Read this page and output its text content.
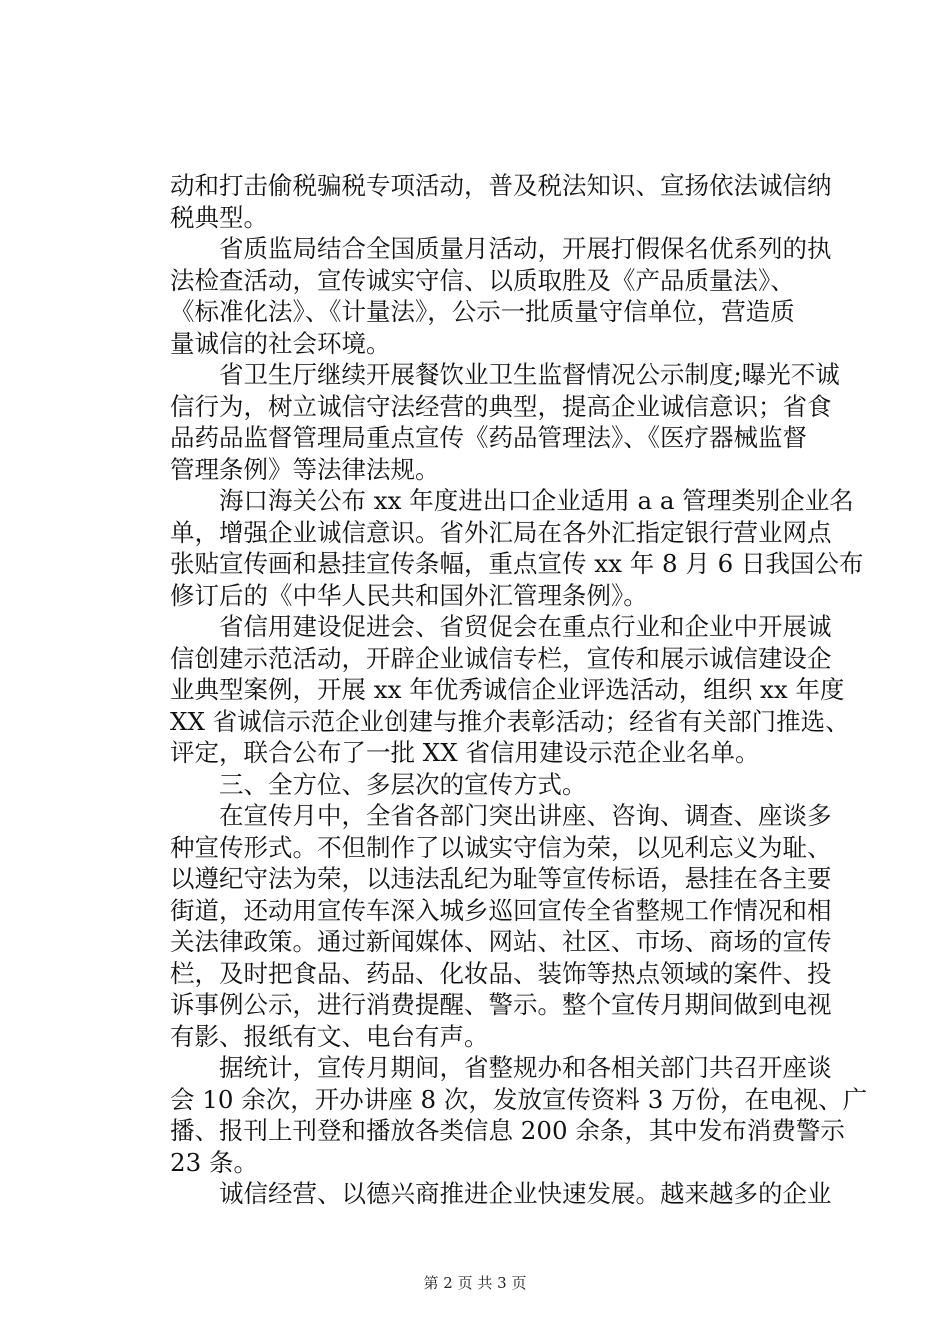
动和打击偷税骗税专项活动，普及税法知识、宣扬依法诚信纳
税典型。
　　省质监局结合全国质量月活动，开展打假保名优系列的执
法检查活动，宣传诚实守信、以质取胜及《产品质量法》、
《标准化法》、《计量法》，公示一批质量守信单位，营造质
量诚信的社会环境。
　　省卫生厅继续开展餐饮业卫生监督情况公示制度;曝光不诚
信行为，树立诚信守法经营的典型，提高企业诚信意识；省食
品药品监督管理局重点宣传《药品管理法》、《医疗器械监督
管理条例》等法律法规。
　　海口海关公布 xx 年度进出口企业适用 a a 管理类别企业名
单，增强企业诚信意识。省外汇局在各外汇指定银行营业网点
张贴宣传画和悬挂宣传条幅，重点宣传 xx 年 8 月 6 日我国公布
修订后的《中华人民共和国外汇管理条例》。
　　省信用建设促进会、省贸促会在重点行业和企业中开展诚
信创建示范活动，开辟企业诚信专栏，宣传和展示诚信建设企
业典型案例，开展 xx 年优秀诚信企业评选活动，组织 xx 年度
XX 省诚信示范企业创建与推介表彰活动；经省有关部门推选、
评定，联合公布了一批 XX 省信用建设示范企业名单。
　　三、全方位、多层次的宣传方式。
　　在宣传月中，全省各部门突出讲座、咨询、调查、座谈多
种宣传形式。不但制作了以诚实守信为荣，以见利忘义为耻、
以遵纪守法为荣，以违法乱纪为耻等宣传标语，悬挂在各主要
街道，还动用宣传车深入城乡巡回宣传全省整规工作情况和相
关法律政策。通过新闻媒体、网站、社区、市场、商场的宣传
栏，及时把食品、药品、化妆品、装饰等热点领域的案件、投
诉事例公示，进行消费提醒、警示。整个宣传月期间做到电视
有影、报纸有文、电台有声。
　　据统计，宣传月期间，省整规办和各相关部门共召开座谈
会 10 余次，开办讲座 8 次，发放宣传资料 3 万份，在电视、广
播、报刊上刊登和播放各类信息 200 余条，其中发布消费警示
23 条。
　　诚信经营、以德兴商推进企业快速发展。越来越多的企业
第 2 页 共 3 页
